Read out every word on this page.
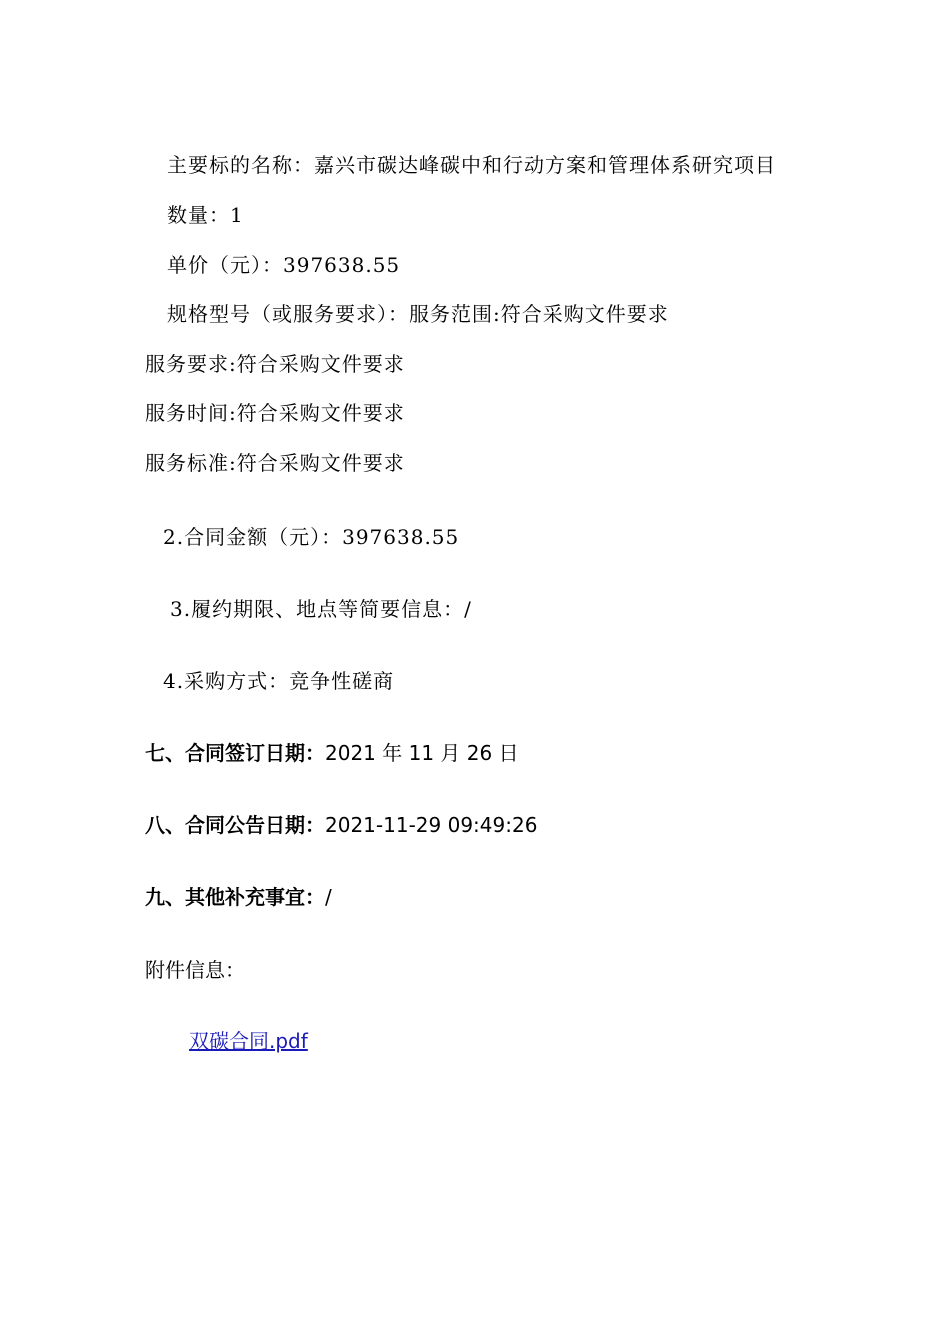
主要标的名称：嘉兴市碳达峰碳中和行动方案和管理体系研究项目
数量：1
单价（元）：397638.55
规格型号（或服务要求）：服务范围:符合采购文件要求
服务要求:符合采购文件要求
服务时间:符合采购文件要求
服务标准:符合采购文件要求
2.合同金额（元）：397638.55
3.履约期限、地点等简要信息：/
4.采购方式：竞争性磋商
七、合同签订日期：2021 年 11 月 26 日
八、合同公告日期：2021-11-29 09:49:26
九、其他补充事宜：/
附件信息：
双碳合同.pdf
